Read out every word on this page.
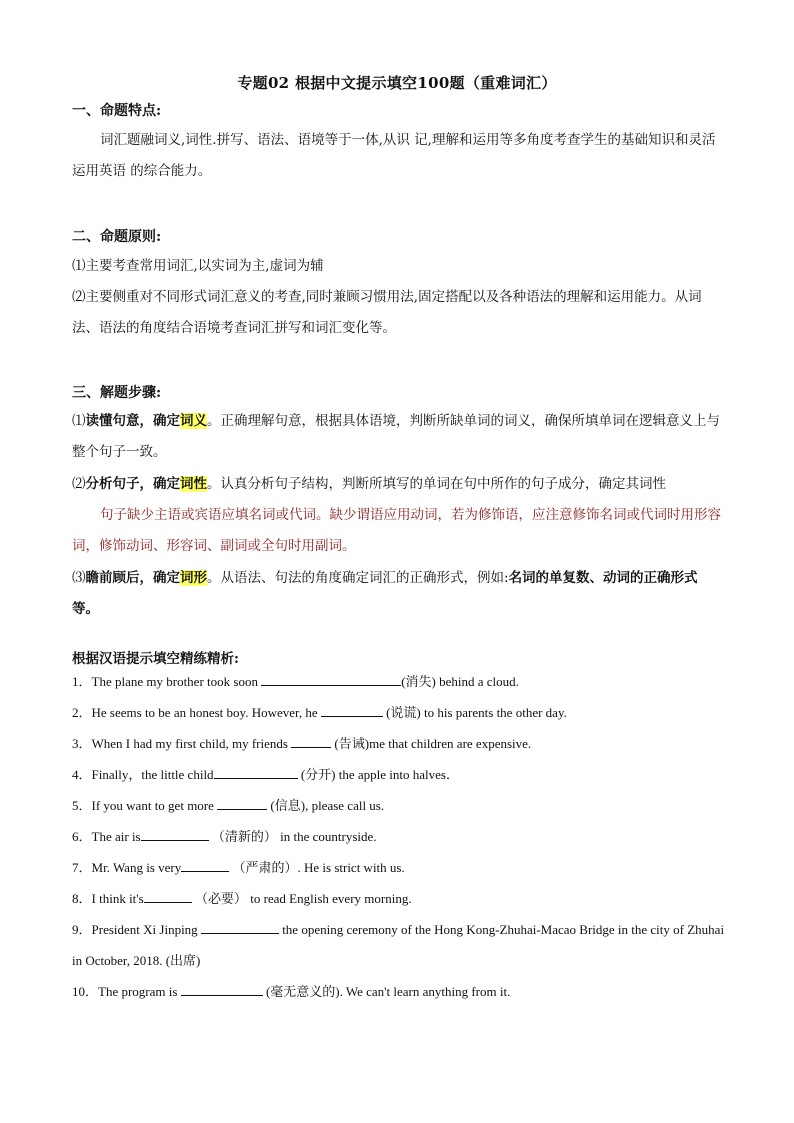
专题02 根据中文提示填空100题（重难词汇）
一、命题特点:
词汇题融词义,词性.拼写、语法、语境等于一体,从识 记,理解和运用等多角度考查学生的基础知识和灵活运用英语 的综合能力。
二、命题原则:
⑴主要考查常用词汇,以实词为主,虚词为辅
⑵主要侧重对不同形式词汇意义的考查,同时兼顾习惯用法,固定搭配以及各种语法的理解和运用能力。从词法、语法的角度结合语境考查词汇拼写和词汇变化等。
三、解题步骤:
⑴读懂句意，确定词义。正确理解句意，根据具体语境，判断所缺单词的词义，确保所填单词在逻辑意义上与整个句子一致。
⑵分析句子，确定词性。认真分析句子结构，判断所填写的单词在句中所作的句子成分，确定其词性
句子缺少主语或宾语应填名词或代词。缺少谓语应用动词，若为修饰语，应注意修饰名词或代词时用形容词，修饰动词、形容词、副词或全句时用副词。
⑶瞻前顾后，确定词形。从语法、句法的角度确定词汇的正确形式，例如:名词的单复数、动词的正确形式等。
根据汉语提示填空精练精析:
1．The plane my brother took soon	(消失) behind a cloud.
2．He seems to be an honest boy. However, he	(说谎) to his parents the other day.
3．When I had my first child, my friends	(告诫)me that children are expensive.
4．Finally，the little child	(分开) the apple into halves．
5．If you want to get more	(信息), please call us.
6．The air is	（清新的） in the countryside.
7．Mr. Wang is very	（严肃的）. He is strict with us.
8．I think it's	（必要） to read English every morning.
9．President Xi Jinping	the opening ceremony of the Hong Kong-Zhuhai-Macao Bridge in the city of Zhuhai in October, 2018. (出席)
10．The program is	(毫无意义的). We can't learn anything from it.
